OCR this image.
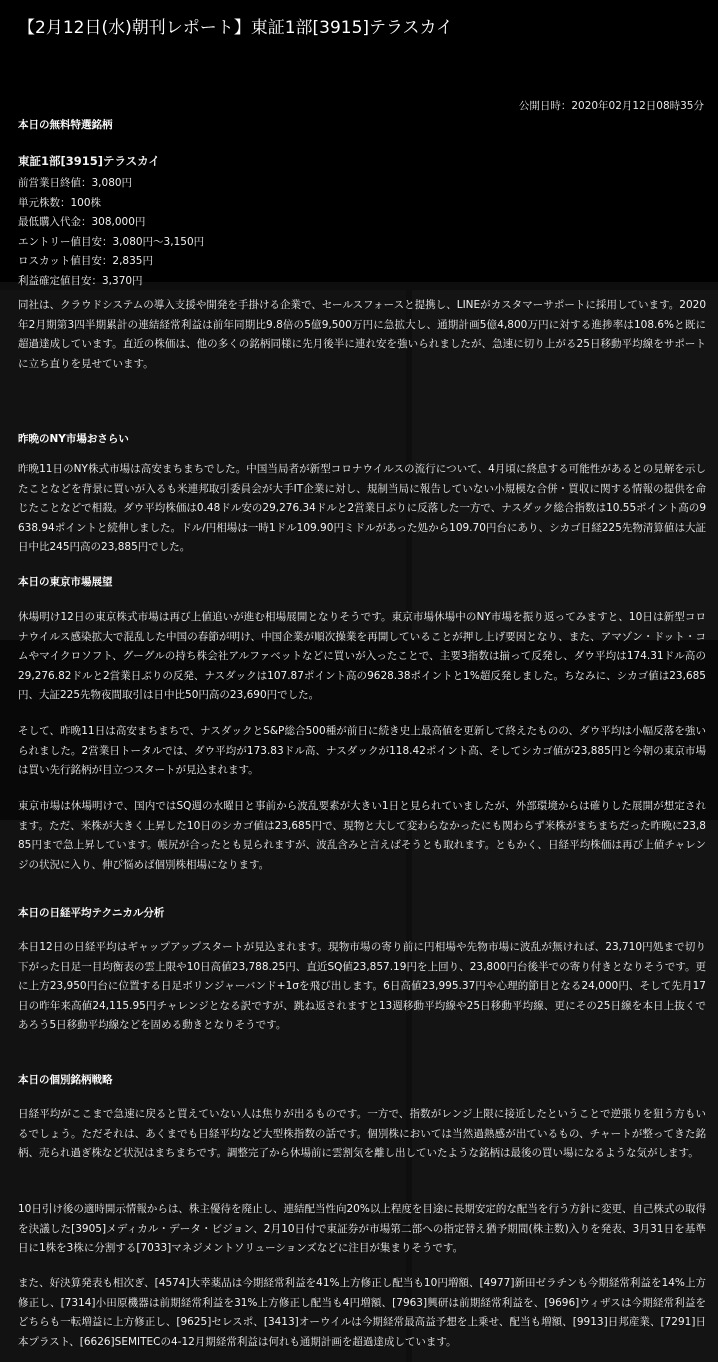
【2月12日(水)朝刊レポート】東証1部[3915]テラスカイ
公開日時：2020年02月12日08時35分
本日の無料特選銘柄
東証1部[3915]テラスカイ
前営業日終値：3,080円
単元株数：100株
最低購入代金：308,000円
エントリー値目安：3,080円～3,150円
ロスカット値目安：2,835円
利益確定値目安：3,370円
同社は、クラウドシステムの導入支援や開発を手掛ける企業で、セールスフォースと提携し、LINEがカスタマーサポートに採用しています。2020年2月期第3四半期累計の連結経常利益は前年同期比9.8倍の5億9,500万円に急拡大し、通期計画5億4,800万円に対する進捗率は108.6%と既に超過達成しています。直近の株価は、他の多くの銘柄同様に先月後半に連れ安を強いられましたが、急速に切り上がる25日移動平均線をサポートに立ち直りを見せています。
昨晩のNY市場おさらい
昨晩11日のNY株式市場は高安まちまちでした。中国当局者が新型コロナウイルスの流行について、4月頃に終息する可能性があるとの見解を示したことなどを背景に買いが入るも米連邦取引委員会が大手IT企業に対し、規制当局に報告していない小規模な合併・買収に関する情報の提供を命じたことなどで相殺。ダウ平均株価は0.48ドル安の29,276.34ドルと2営業日ぶりに反落した一方で、ナスダック総合指数は10.55ポイント高の9638.94ポイントと続伸しました。ドル/円相場は一時1ドル109.90円ミドルがあった処から109.70円台にあり、シカゴ日経225先物清算値は大証日中比245円高の23,885円でした。
本日の東京市場展望
休場明け12日の東京株式市場は再び上値追いが進む相場展開となりそうです。東京市場休場中のNY市場を振り返ってみますと、10日は新型コロナウイルス感染拡大で混乱した中国の春節が明け、中国企業が順次操業を再開していることが押し上げ要因となり、また、アマゾン・ドット・コムやマイクロソフト、グーグルの持ち株会社アルファベットなどに買いが入ったことで、主要3指数は揃って反発し、ダウ平均は174.31ドル高の29,276.82ドルと2営業日ぶりの反発、ナスダックは107.87ポイント高の9628.38ポイントと1%超反発しました。ちなみに、シカゴ値は23,685円、大証225先物夜間取引は日中比50円高の23,690円でした。
そして、昨晩11日は高安まちまちで、ナスダックとS&P総合500種が前日に続き史上最高値を更新して終えたものの、ダウ平均は小幅反落を強いられました。2営業日トータルでは、ダウ平均が173.83ドル高、ナスダックが118.42ポイント高、そしてシカゴ値が23,885円と今朝の東京市場は買い先行銘柄が目立つスタートが見込まれます。
東京市場は休場明けで、国内ではSQ週の水曜日と事前から波乱要素が大きい1日と見られていましたが、外部環境からは確りした展開が想定されます。ただ、米株が大きく上昇した10日のシカゴ値は23,685円で、現物と大して変わらなかったにも関わらず米株がまちまちだった昨晩に23,885円まで急上昇しています。帳尻が合ったとも見られますが、波乱含みと言えばそうとも取れます。ともかく、日経平均株価は再び上値チャレンジの状況に入り、伸び悩めば個別株相場になります。
本日の日経平均テクニカル分析
本日12日の日経平均はギャップアップスタートが見込まれます。現物市場の寄り前に円相場や先物市場に波乱が無ければ、23,710円処まで切り下がった日足一目均衡表の雲上限や10日高値23,788.25円、直近SQ値23,857.19円を上回り、23,800円台後半での寄り付きとなりそうです。更に上方23,950円台に位置する日足ボリンジャーバンド+1σを飛び出します。6日高値23,995.37円や心理的節目となる24,000円、そして先月17日の昨年来高値24,115.95円チャレンジとなる訳ですが、跳ね返されますと13週移動平均線や25日移動平均線、更にその25日線を本日上抜くであろう5日移動平均線などを固める動きとなりそうです。
本日の個別銘柄戦略
日経平均がここまで急速に戻ると買えていない人は焦りが出るものです。一方で、指数がレンジ上限に接近したということで逆張りを狙う方もいるでしょう。ただそれは、あくまでも日経平均など大型株指数の話です。個別株においては当然過熱感が出ているもの、チャートが整ってきた銘柄、売られ過ぎ株など状況はまちまちです。調整完了から休場前に雲割気を離し出していたような銘柄は最後の買い場になるような気がします。
10日引け後の適時開示情報からは、株主優待を廃止し、連結配当性向20%以上程度を目途に長期安定的な配当を行う方針に変更、自己株式の取得を決議した[3905]メディカル・データ・ビジョン、2月10日付で東証券が市場第二部への指定替え猶予期間(株主数)入りを発表、3月31日を基準日に1株を3株に分割する[7033]マネジメントソリューションズなどに注目が集まりそうです。
また、好決算発表も相次ぎ、[4574]大幸薬品は今期経常利益を41%上方修正し配当も10円増額、[4977]新田ゼラチンも今期経常利益を14%上方修正し、[7314]小田原機器は前期経常利益を31%上方修正し配当も4円増額、[7963]興研は前期経常利益を、[9696]ウィザスは今期経常利益をどちらも一転増益に上方修正し、[9625]セレスポ、[3413]オーウイルは今期経常最高益予想を上乗せ、配当も増額、[9913]日邦産業、[7291]日本プラスト、[6626]SEMITECの4-12月期経常利益は何れも通期計画を超過達成しています。
